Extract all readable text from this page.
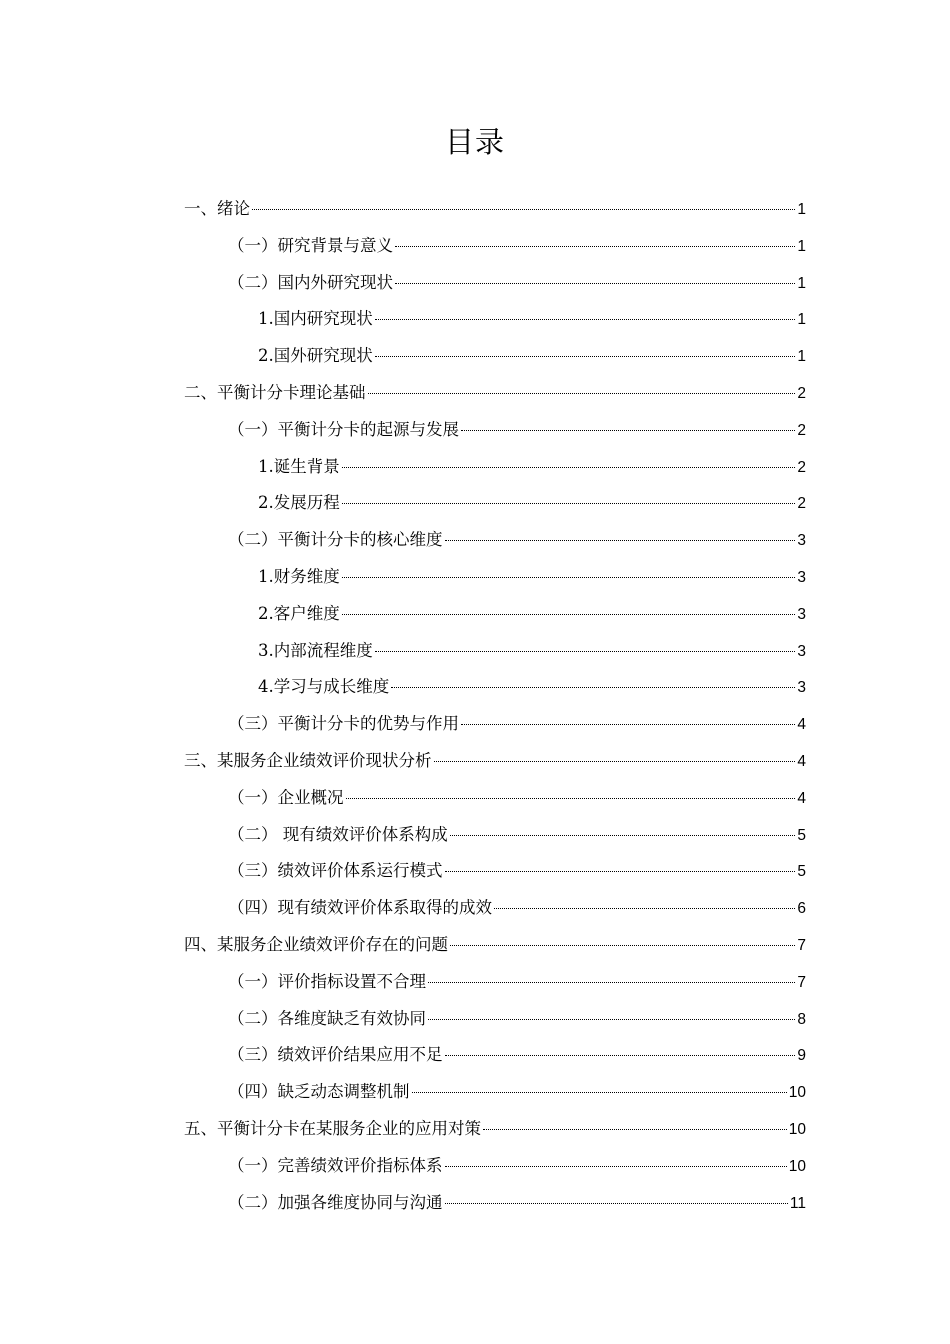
目录
一、绪论	1
（一）研究背景与意义	1
（二）国内外研究现状	1
1.国内研究现状	1
2.国外研究现状	1
二、平衡计分卡理论基础	2
（一）平衡计分卡的起源与发展	2
1.诞生背景	2
2.发展历程	2
（二）平衡计分卡的核心维度	3
1.财务维度	3
2.客户维度	3
3.内部流程维度	3
4.学习与成长维度	3
（三）平衡计分卡的优势与作用	4
三、某服务企业绩效评价现状分析	4
（一）企业概况	4
（二） 现有绩效评价体系构成	5
（三）绩效评价体系运行模式	5
（四）现有绩效评价体系取得的成效	6
四、某服务企业绩效评价存在的问题	7
（一）评价指标设置不合理	7
（二）各维度缺乏有效协同	8
（三）绩效评价结果应用不足	9
（四）缺乏动态调整机制	10
五、平衡计分卡在某服务企业的应用对策	10
（一）完善绩效评价指标体系	10
（二）加强各维度协同与沟通	11
